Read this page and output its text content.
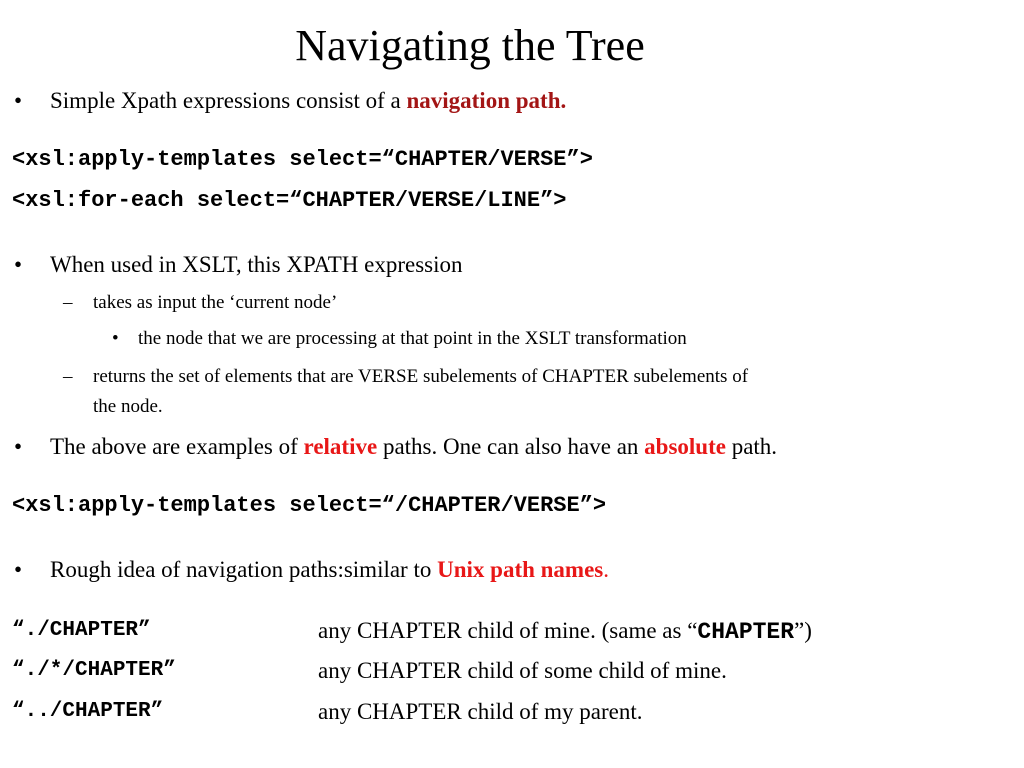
Navigating the Tree
• Simple Xpath expressions consist of a navigation path.
<xsl:apply-templates select=“CHAPTER/VERSE”>
<xsl:for-each select=“CHAPTER/VERSE/LINE”>
• When used in XSLT, this XPATH expression
– takes as input the ‘current node’
• the node that we are processing at that point in the XSLT transformation
– returns the set of elements that are VERSE subelements of CHAPTER subelements of
the node.
• The above are examples of relative paths. One can also have an absolute path.
<xsl:apply-templates select=“/CHAPTER/VERSE”>
• Rough idea of navigation paths:similar to Unix path names.
“./CHAPTER”	any CHAPTER child of mine. (same as “CHAPTER”)
“./*/CHAPTER”	any CHAPTER child of some child of mine.
“../CHAPTER”	any CHAPTER child of my parent.
